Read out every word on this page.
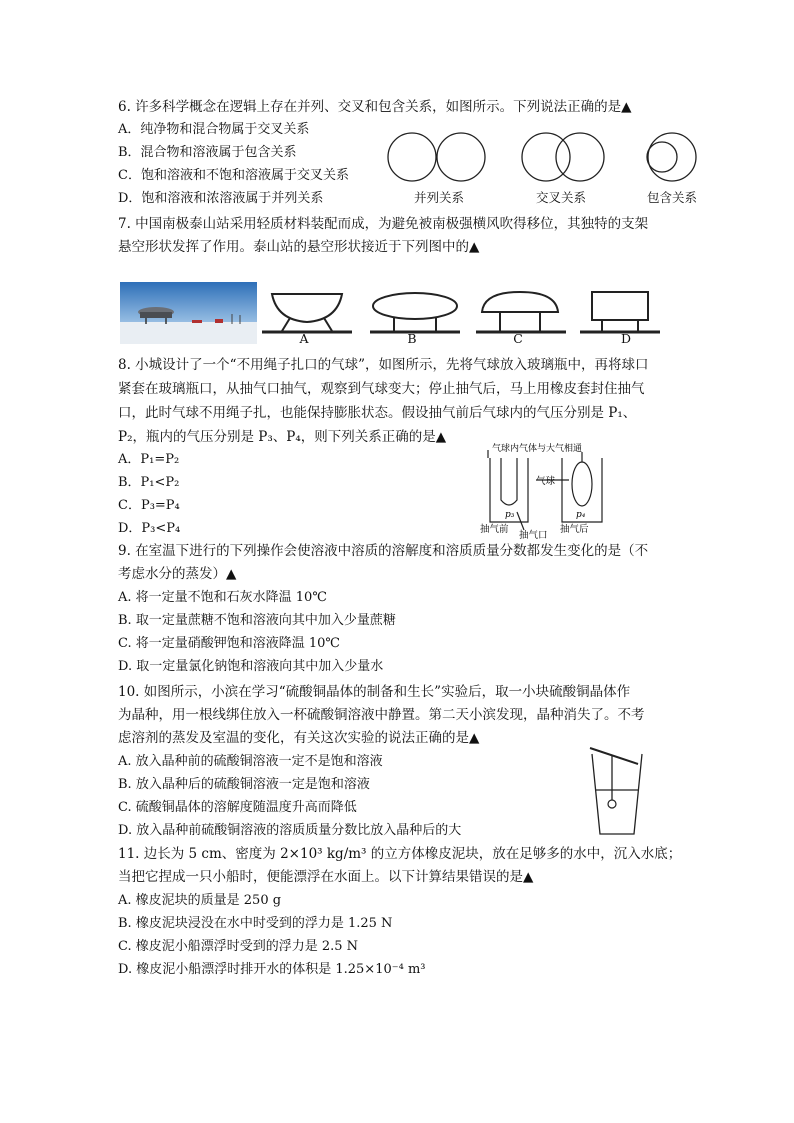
6. 许多科学概念在逻辑上存在并列、交叉和包含关系，如图所示。下列说法正确的是▲
A．纯净物和混合物属于交叉关系
B．混合物和溶液属于包含关系
C．饱和溶液和不饱和溶液属于交叉关系
D．饱和溶液和浓溶液属于并列关系	并列关系	交叉关系	包含关系
7. 中国南极泰山站采用轻质材料装配而成，为避免被南极强横风吹得移位，其独特的支架
悬空形状发挥了作用。泰山站的悬空形状接近于下列图中的▲
A	B	C	D
8. 小城设计了一个“不用绳子扎口的气球”，如图所示，先将气球放入玻璃瓶中，再将球口
紧套在玻璃瓶口，从抽气口抽气，观察到气球变大；停止抽气后，马上用橡皮套封住抽气
口，此时气球不用绳子扎，也能保持膨胀状态。假设抽气前后气球内的气压分别是 P₁、
P₂，瓶内的气压分别是 P₃、P₄，则下列关系正确的是▲
A．P₁=P₂
B．P₁<P₂
C．P₃=P₄
D．P₃<P₄
气球内气体与大气相通
气球
p₃	p₄
抽气前	抽气后
抽气口
9. 在室温下进行的下列操作会使溶液中溶质的溶解度和溶质质量分数都发生变化的是（不
考虑水分的蒸发）▲
A. 将一定量不饱和石灰水降温 10℃
B. 取一定量蔗糖不饱和溶液向其中加入少量蔗糖
C. 将一定量硝酸钾饱和溶液降温 10℃
D. 取一定量氯化钠饱和溶液向其中加入少量水
10. 如图所示，小滨在学习“硫酸铜晶体的制备和生长”实验后，取一小块硫酸铜晶体作
为晶种，用一根线绑住放入一杯硫酸铜溶液中静置。第二天小滨发现，晶种消失了。不考
虑溶剂的蒸发及室温的变化，有关这次实验的说法正确的是▲
A. 放入晶种前的硫酸铜溶液一定不是饱和溶液
B. 放入晶种后的硫酸铜溶液一定是饱和溶液
C. 硫酸铜晶体的溶解度随温度升高而降低
D. 放入晶种前硫酸铜溶液的溶质质量分数比放入晶种后的大
11. 边长为 5 cm、密度为 2×10³ kg/m³ 的立方体橡皮泥块，放在足够多的水中，沉入水底；
当把它捏成一只小船时，便能漂浮在水面上。以下计算结果错误的是▲
A. 橡皮泥块的质量是 250 g
B. 橡皮泥块浸没在水中时受到的浮力是 1.25 N
C. 橡皮泥小船漂浮时受到的浮力是 2.5 N
D. 橡皮泥小船漂浮时排开水的体积是 1.25×10⁻⁴ m³
